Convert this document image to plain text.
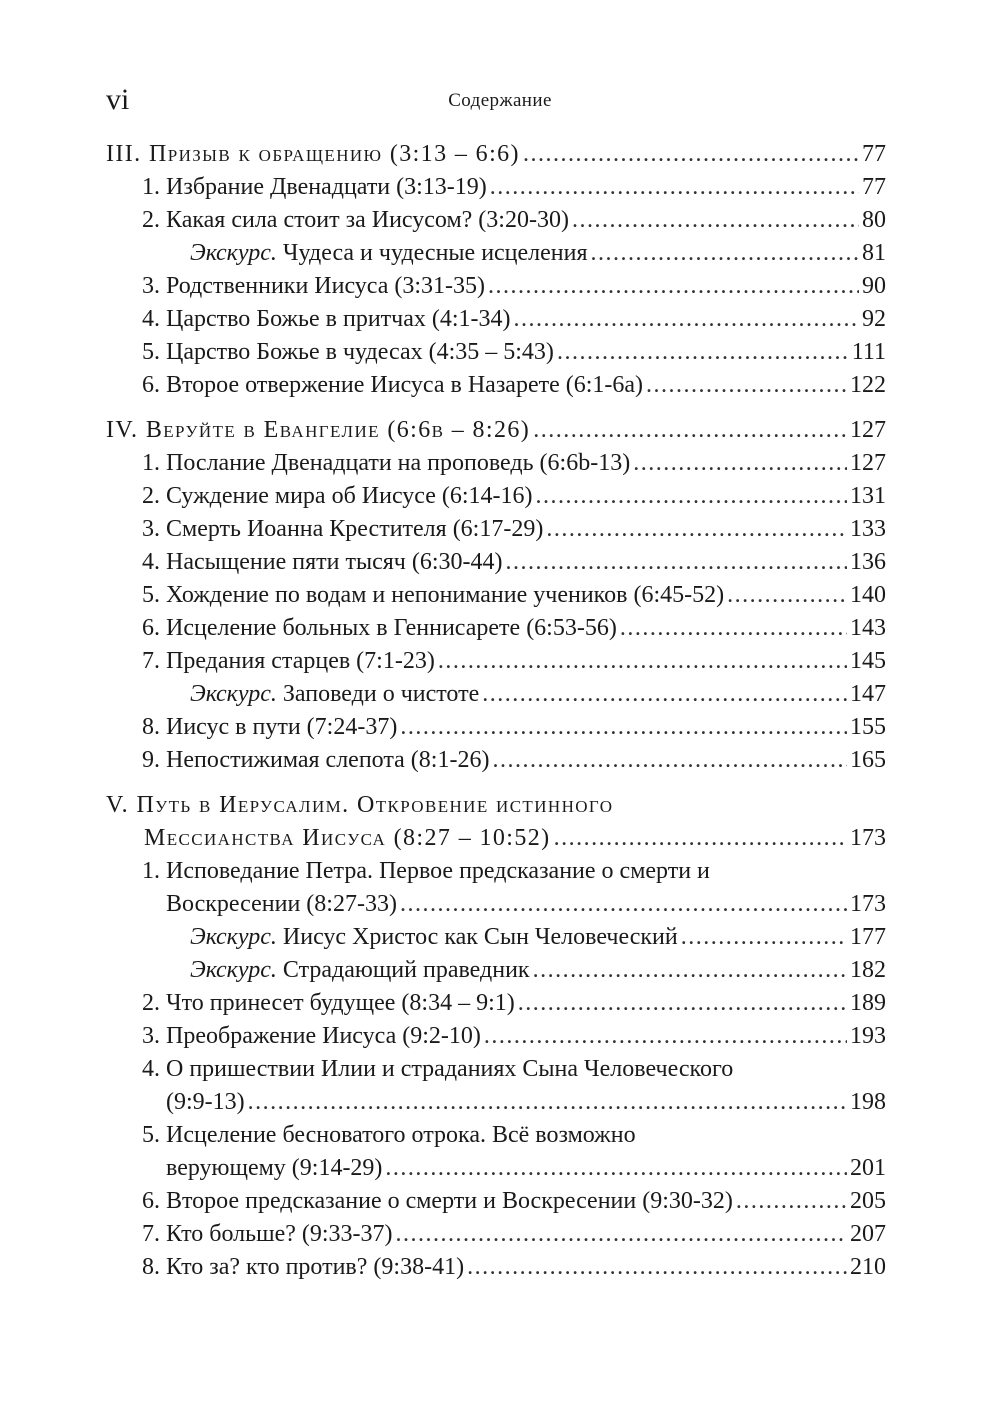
vi	Содержание
III. Призыв к обращению (3:13 – 6:6) .....	77
1. Избрание Двенадцати (3:13-19) .....	77
2. Какая сила стоит за Иисусом? (3:20-30) .....	80
Экскурс. Чудеса и чудесные исцеления .....	81
3. Родственники Иисуса (3:31-35) .....	90
4. Царство Божье в притчах (4:1-34) .....	92
5. Царство Божье в чудесах (4:35 – 5:43) .....	111
6. Второе отвержение Иисуса в Назарете (6:1-6а) .....	122
IV. Веруйте в Евангелие (6:6в – 8:26) .....	127
1. Послание Двенадцати на проповедь (6:6b-13) .....	127
2. Суждение мира об Иисусе (6:14-16) .....	131
3. Смерть Иоанна Крестителя (6:17-29) .....	133
4. Насыщение пяти тысяч (6:30-44) .....	136
5. Хождение по водам и непонимание учеников (6:45-52) .....	140
6. Исцеление больных в Геннисарете (6:53-56) .....	143
7. Предания старцев (7:1-23) .....	145
Экскурс. Заповеди о чистоте .....	147
8. Иисус в пути (7:24-37) .....	155
9. Непостижимая слепота (8:1-26) .....	165
V. Путь в Иерусалим. Откровение истинного
Мессианства Иисуса (8:27 – 10:52) .....	173
1. Исповедание Петра. Первое предсказание о смерти и
Воскресении (8:27-33) .....	173
Экскурс. Иисус Христос как Сын Человеческий .....	177
Экскурс. Страдающий праведник .....	182
2. Что принесет будущее (8:34 – 9:1) .....	189
3. Преображение Иисуса (9:2-10) .....	193
4. О пришествии Илии и страданиях Сына Человеческого
(9:9-13) .....	198
5. Исцеление бесноватого отрока. Всё возможно
верующему (9:14-29) .....	201
6. Второе предсказание о смерти и Воскресении (9:30-32) .....	205
7. Кто больше? (9:33-37) .....	207
8. Кто за? кто против? (9:38-41) .....	210
